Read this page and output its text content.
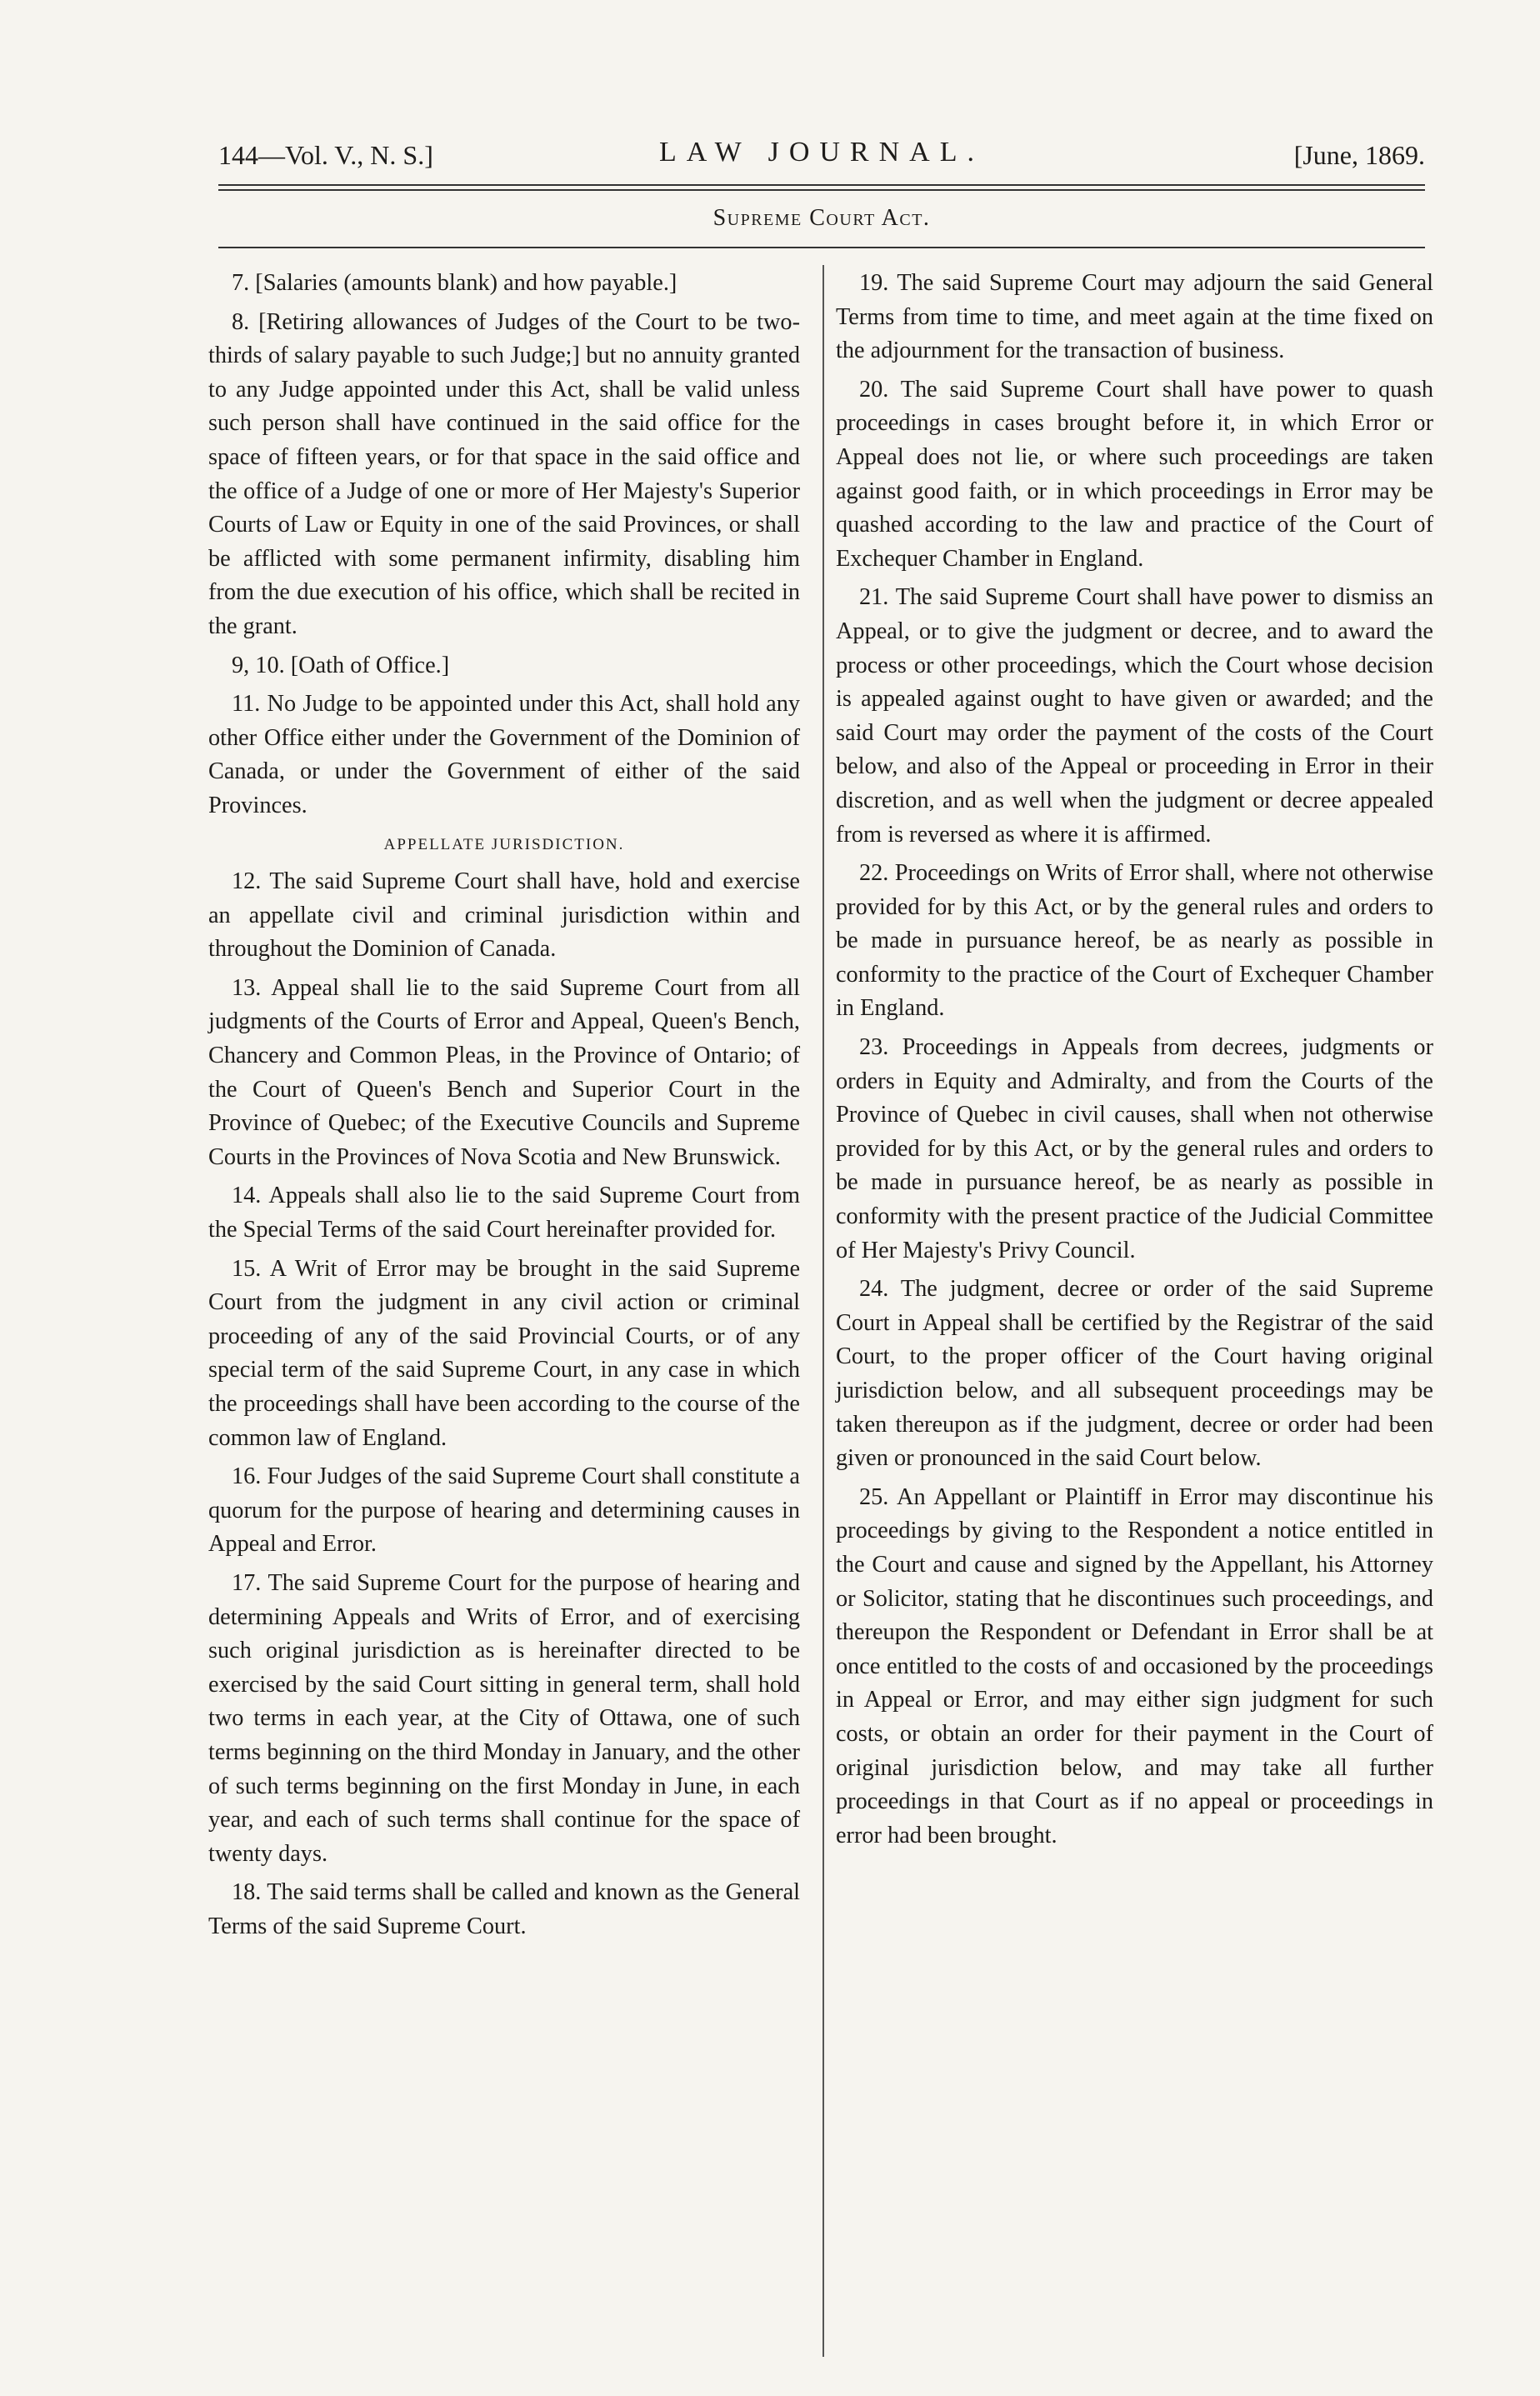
144—Vol. V., N. S.]	LAW JOURNAL.	[June, 1869.
Supreme Court Act.

7. [Salaries (amounts blank) and how payable.]

8. [Retiring allowances of Judges of the Court to be two-thirds of salary payable to such Judge;] but no annuity granted to any Judge appointed under this Act, shall be valid unless such person shall have continued in the said office for the space of fifteen years, or for that space in the said office and the office of a Judge of one or more of Her Majesty's Superior Courts of Law or Equity in one of the said Provinces, or shall be afflicted with some permanent infirmity, disabling him from the due execution of his office, which shall be recited in the grant.

9, 10. [Oath of Office.]

11. No Judge to be appointed under this Act, shall hold any other Office either under the Government of the Dominion of Canada, or under the Government of either of the said Provinces.

APPELLATE JURISDICTION.

12. The said Supreme Court shall have, hold and exercise an appellate civil and criminal jurisdiction within and throughout the Dominion of Canada.

13. Appeal shall lie to the said Supreme Court from all judgments of the Courts of Error and Appeal, Queen's Bench, Chancery and Common Pleas, in the Province of Ontario; of the Court of Queen's Bench and Superior Court in the Province of Quebec; of the Executive Councils and Supreme Courts in the Provinces of Nova Scotia and New Brunswick.

14. Appeals shall also lie to the said Supreme Court from the Special Terms of the said Court hereinafter provided for.

15. A Writ of Error may be brought in the said Supreme Court from the judgment in any civil action or criminal proceeding of any of the said Provincial Courts, or of any special term of the said Supreme Court, in any case in which the proceedings shall have been according to the course of the common law of England.

16. Four Judges of the said Supreme Court shall constitute a quorum for the purpose of hearing and determining causes in Appeal and Error.

17. The said Supreme Court for the purpose of hearing and determining Appeals and Writs of Error, and of exercising such original jurisdiction as is hereinafter directed to be exercised by the said Court sitting in general term, shall hold two terms in each year, at the City of Ottawa, one of such terms beginning on the third Monday in January, and the other of such terms beginning on the first Monday in June, in each year, and each of such terms shall continue for the space of twenty days.

18. The said terms shall be called and known as the General Terms of the said Supreme Court.

19. The said Supreme Court may adjourn the said General Terms from time to time, and meet again at the time fixed on the adjournment for the transaction of business.

20. The said Supreme Court shall have power to quash proceedings in cases brought before it, in which Error or Appeal does not lie, or where such proceedings are taken against good faith, or in which proceedings in Error may be quashed according to the law and practice of the Court of Exchequer Chamber in England.

21. The said Supreme Court shall have power to dismiss an Appeal, or to give the judgment or decree, and to award the process or other proceedings, which the Court whose decision is appealed against ought to have given or awarded; and the said Court may order the payment of the costs of the Court below, and also of the Appeal or proceeding in Error in their discretion, and as well when the judgment or decree appealed from is reversed as where it is affirmed.

22. Proceedings on Writs of Error shall, where not otherwise provided for by this Act, or by the general rules and orders to be made in pursuance hereof, be as nearly as possible in conformity to the practice of the Court of Exchequer Chamber in England.

23. Proceedings in Appeals from decrees, judgments or orders in Equity and Admiralty, and from the Courts of the Province of Quebec in civil causes, shall when not otherwise provided for by this Act, or by the general rules and orders to be made in pursuance hereof, be as nearly as possible in conformity with the present practice of the Judicial Committee of Her Majesty's Privy Council.

24. The judgment, decree or order of the said Supreme Court in Appeal shall be certified by the Registrar of the said Court, to the proper officer of the Court having original jurisdiction below, and all subsequent proceedings may be taken thereupon as if the judgment, decree or order had been given or pronounced in the said Court below.

25. An Appellant or Plaintiff in Error may discontinue his proceedings by giving to the Respondent a notice entitled in the Court and cause and signed by the Appellant, his Attorney or Solicitor, stating that he discontinues such proceedings, and thereupon the Respondent or Defendant in Error shall be at once entitled to the costs of and occasioned by the proceedings in Appeal or Error, and may either sign judgment for such costs, or obtain an order for their payment in the Court of original jurisdiction below, and may take all further proceedings in that Court as if no appeal or proceedings in error had been brought.
